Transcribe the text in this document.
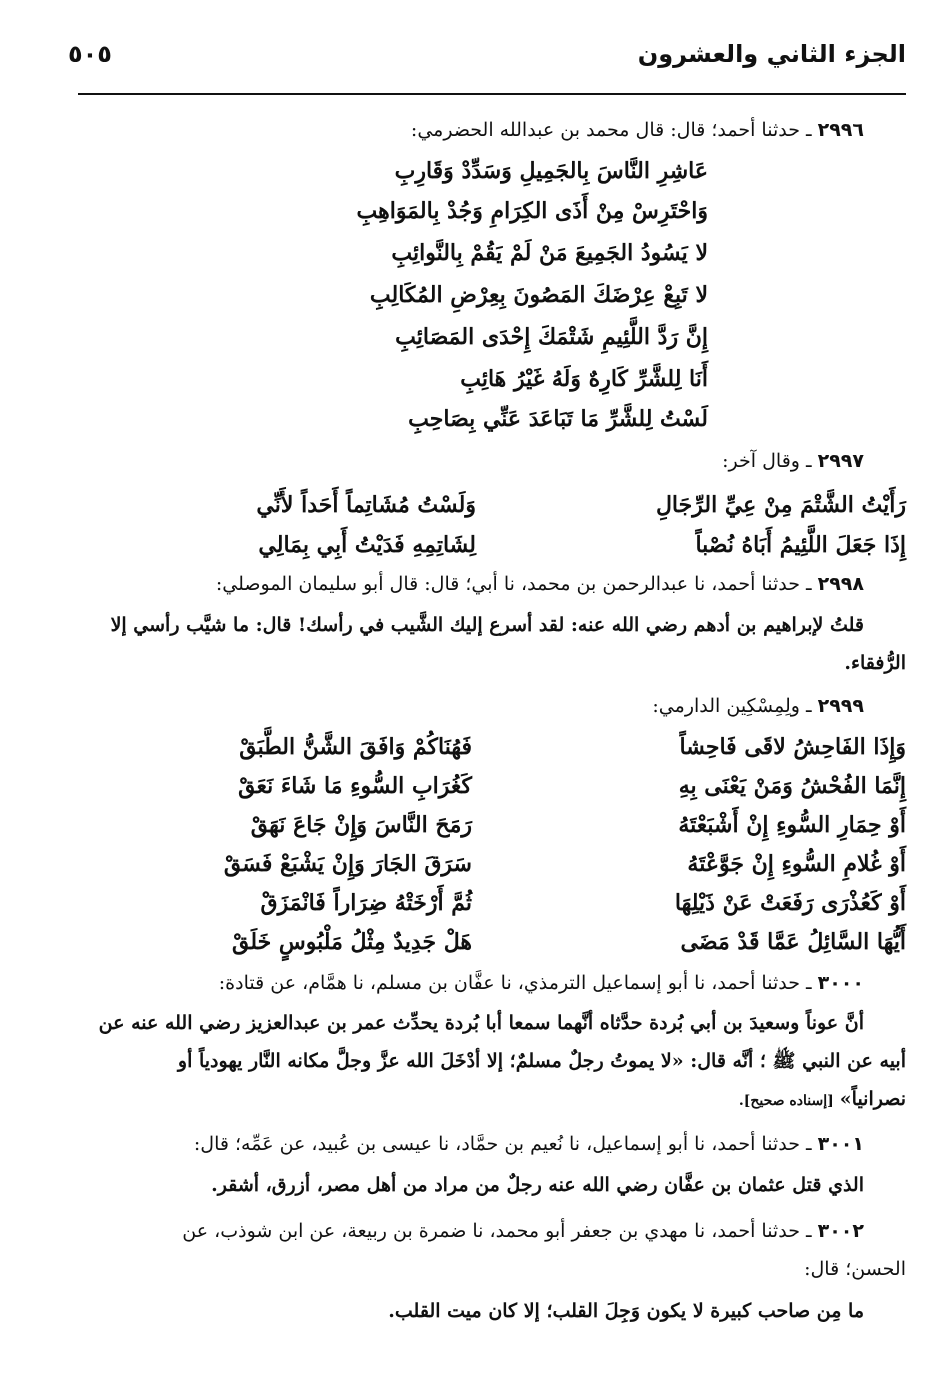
الجزء الثاني والعشرون
٥٠٥
٢٩٩٦ ـ حدثنا أحمد؛ قال: قال محمد بن عبدالله الحضرمي:
عَاشِرِ النَّاسَ بِالجَمِيلِ وَسَدِّدْ وَقَارِبِ
وَاحْتَرِسْ مِنْ أَذَى الكِرَامِ وَجُدْ بِالمَوَاهِبِ
لا يَسُودُ الجَمِيعَ مَنْ لَمْ يَقُمْ بِالنَّوائِبِ
لا تَبِعْ عِرْضَكَ المَصُونَ بِعِرْضِ المُكَالِبِ
إِنَّ رَدَّ اللَّئِيمِ شَتْمَكَ إِحْدَى المَصَائِبِ
أَنَا لِلشَّرِّ كَارِهٌ وَلَهُ غَيْرُ هَائِبِ
لَسْتُ لِلشَّرِّ مَا تَبَاعَدَ عَنِّي بِصَاحِبِ
٢٩٩٧ ـ وقال آخر:
رَأَيْتُ الشَّتْمَ مِنْ عِيِّ الرِّجَالِ
وَلَسْتُ مُشَاتِماً أَحَداً لأَنِّي
إِذَا جَعَلَ اللَّئِيمُ أَبَاهُ نُصْباً
لِشَاتِمِهِ فَدَيْتُ أَبِي بِمَالِي
٢٩٩٨ ـ حدثنا أحمد، نا عبدالرحمن بن محمد، نا أبي؛ قال: قال أبو سليمان الموصلي:
قلتُ لإبراهيم بن أدهم رضي الله عنه: لقد أسرع إليك الشَّيب في رأسك! قال: ما شيَّب رأسي إلا
الرُّفقاء.
٢٩٩٩ ـ ولِمِسْكِين الدارمي:
وَإِذَا الفَاحِشُ لاقَى فَاحِشاً
فَهُنَاكُمْ وَافَقَ الشَّنُّ الطَّبَقْ
إِنَّمَا الفُحْشُ وَمَنْ يَعْنَى بِهِ
كَغُرَابِ السُّوءِ مَا شَاءَ نَعَقْ
أَوْ حِمَارِ السُّوءِ إِنْ أَشْبَعْتَهُ
رَمَحَ النَّاسَ وَإِنْ جَاعَ نَهَقْ
أَوْ غُلامِ السُّوءِ إِنْ جَوَّعْتَهُ
سَرَقَ الجَارَ وَإِنْ يَشْبَعْ فَسَقْ
أَوْ كَعُذْرَى رَفَعَتْ عَنْ ذَيْلِهَا
ثُمَّ أَرْخَتْهُ ضِرَاراً فَانْمَزَقْ
أَيُّهَا السَّائِلُ عَمَّا قَدْ مَضَى
هَلْ جَدِيدٌ مِثْلُ مَلْبُوسٍ خَلَقْ
٣٠٠٠ ـ حدثنا أحمد، نا أبو إسماعيل الترمذي، نا عفَّان بن مسلم، نا همَّام، عن قتادة:
أنَّ عوناً وسعيدَ بن أبي بُردة حدَّثاه أنَّهما سمعا أبا بُردة يحدِّث عمر بن عبدالعزيز رضي الله عنه عن
أبيه عن النبي ﷺ ؛ أنَّه قال: «لا يموتُ رجلٌ مسلمٌ؛ إلا أدْخَلَ الله عزَّ وجلَّ مكانه النَّار يهودياً أو
نصرانياً» [إسناده صحيح].
٣٠٠١ ـ حدثنا أحمد، نا أبو إسماعيل، نا نُعيم بن حمَّاد، نا عيسى بن عُبيد، عن عَمِّه؛ قال:
الذي قتل عثمان بن عفَّان رضي الله عنه رجلٌ من مراد من أهل مصر، أزرق، أشقر.
٣٠٠٢ ـ حدثنا أحمد، نا مهدي بن جعفر أبو محمد، نا ضمرة بن ربيعة، عن ابن شوذب، عن
الحسن؛ قال:
ما مِن صاحب كبيرة لا يكون وَجِلَ القلب؛ إلا كان ميت القلب.
